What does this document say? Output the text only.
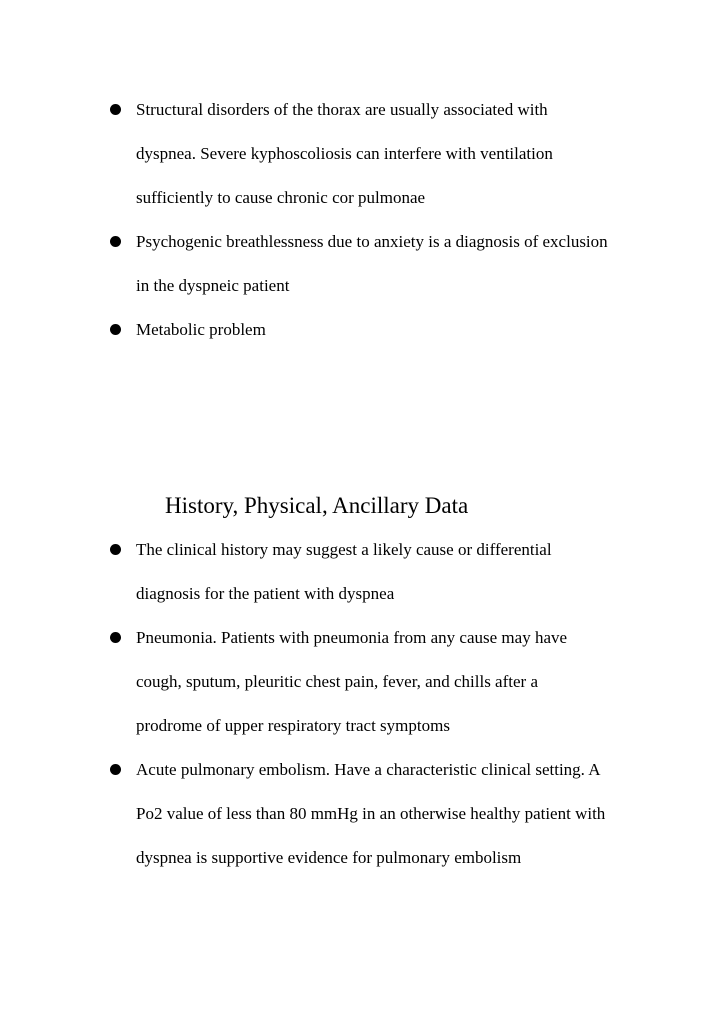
Structural disorders of the thorax are usually associated with dyspnea. Severe kyphoscoliosis can interfere with ventilation sufficiently to cause chronic cor pulmonae
Psychogenic breathlessness due to anxiety is a diagnosis of exclusion in the dyspneic patient
Metabolic problem
History, Physical, Ancillary Data
The clinical history may suggest a likely cause or differential diagnosis for the patient with dyspnea
Pneumonia. Patients with pneumonia from any cause may have cough, sputum, pleuritic chest pain, fever, and chills after a prodrome of upper respiratory tract symptoms
Acute pulmonary embolism. Have a characteristic clinical setting. A Po2 value of less than 80 mmHg in an otherwise healthy patient with dyspnea is supportive evidence for pulmonary embolism
